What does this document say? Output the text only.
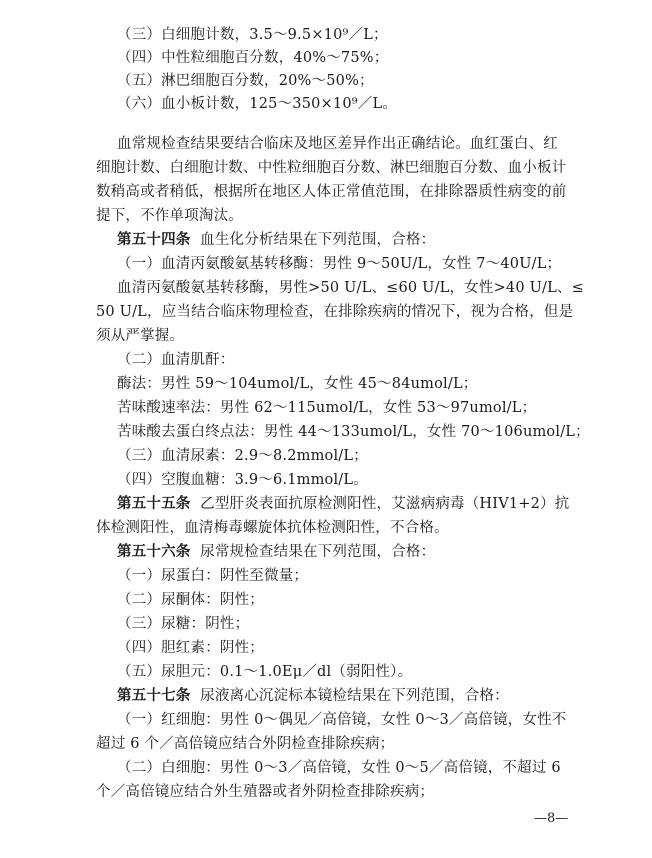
（三）白细胞计数，3.5～9.5×10⁹／L；
（四）中性粒细胞百分数，40%～75%；
（五）淋巴细胞百分数，20%～50%；
（六）血小板计数，125～350×10⁹／L。
血常规检查结果要结合临床及地区差异作出正确结论。血红蛋白、红
细胞计数、白细胞计数、中性粒细胞百分数、淋巴细胞百分数、血小板计
数稍高或者稍低，根据所在地区人体正常值范围，在排除器质性病变的前
提下，不作单项淘汰。
第五十四条 血生化分析结果在下列范围，合格：
（一）血清丙氨酸氨基转移酶：男性 9～50U/L，女性 7～40U/L；
血清丙氨酸氨基转移酶，男性>50 U/L、≤60 U/L，女性>40 U/L、≤
50 U/L，应当结合临床物理检查，在排除疾病的情况下，视为合格，但是
须从严掌握。
（二）血清肌酐：
酶法：男性 59～104umol/L，女性 45～84umol/L；
苦味酸速率法：男性 62～115umol/L，女性 53～97umol/L；
苦味酸去蛋白终点法：男性 44～133umol/L，女性 70～106umol/L；
（三）血清尿素：2.9～8.2mmol/L；
（四）空腹血糖：3.9～6.1mmol/L。
第五十五条 乙型肝炎表面抗原检测阳性，艾滋病病毒（HIV1+2）抗
体检测阳性，血清梅毒螺旋体抗体检测阳性，不合格。
第五十六条 尿常规检查结果在下列范围，合格：
（一）尿蛋白：阴性至微量；
（二）尿酮体：阴性；
（三）尿糖：阴性；
（四）胆红素：阴性；
（五）尿胆元：0.1～1.0Eμ／dl（弱阳性）。
第五十七条 尿液离心沉淀标本镜检结果在下列范围，合格：
（一）红细胞：男性 0～偶见／高倍镜，女性 0～3／高倍镜，女性不
超过 6 个／高倍镜应结合外阴检查排除疾病；
（二）白细胞：男性 0～3／高倍镜，女性 0～5／高倍镜，不超过 6
个／高倍镜应结合外生殖器或者外阴检查排除疾病；
—8—
